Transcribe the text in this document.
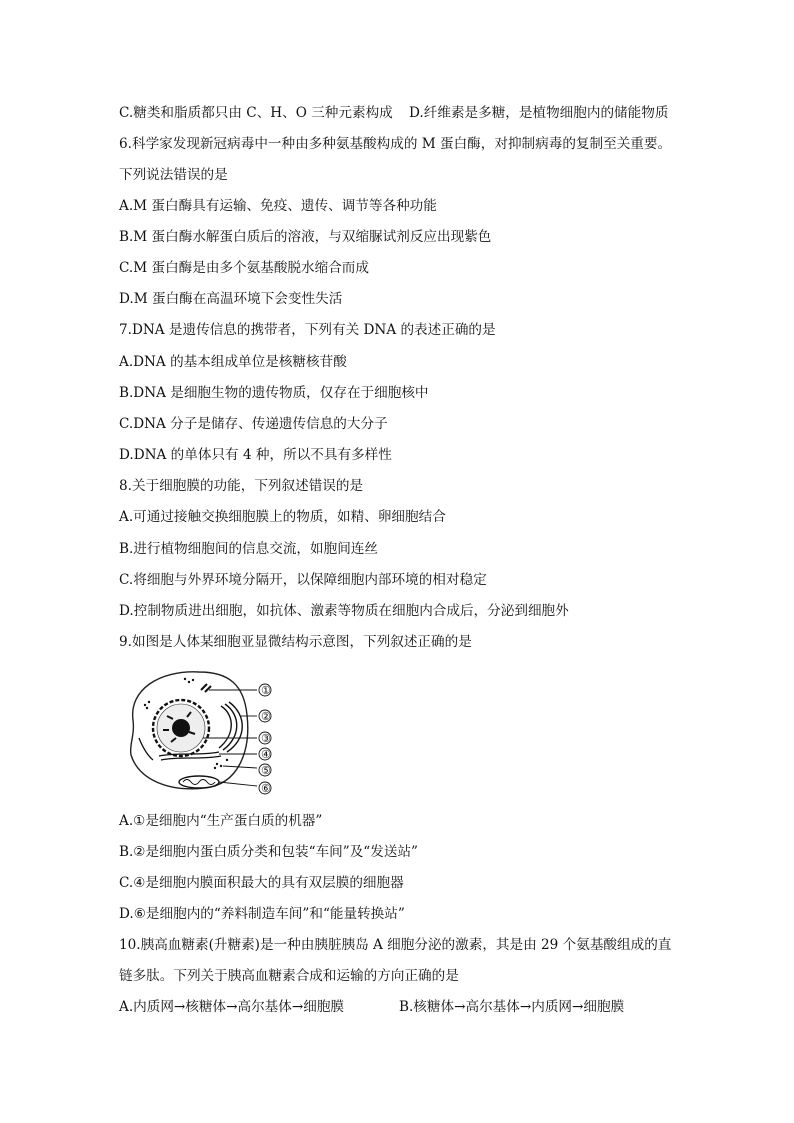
C.糖类和脂质都只由 C、H、O 三种元素构成 D.纤维素是多糖，是植物细胞内的储能物质
6.科学家发现新冠病毒中一种由多种氨基酸构成的 M 蛋白酶，对抑制病毒的复制至关重要。
下列说法错误的是
A.M 蛋白酶具有运输、免疫、遗传、调节等各种功能
B.M 蛋白酶水解蛋白质后的溶液，与双缩脲试剂反应出现紫色
C.M 蛋白酶是由多个氨基酸脱水缩合而成
D.M 蛋白酶在高温环境下会变性失活
7.DNA 是遗传信息的携带者，下列有关 DNA 的表述正确的是
A.DNA 的基本组成单位是核糖核苷酸
B.DNA 是细胞生物的遗传物质，仅存在于细胞核中
C.DNA 分子是储存、传递遗传信息的大分子
D.DNA 的单体只有 4 种，所以不具有多样性
8.关于细胞膜的功能，下列叙述错误的是
A.可通过接触交换细胞膜上的物质，如精、卵细胞结合
B.进行植物细胞间的信息交流，如胞间连丝
C.将细胞与外界环境分隔开，以保障细胞内部环境的相对稳定
D.控制物质进出细胞，如抗体、激素等物质在细胞内合成后，分泌到细胞外
9.如图是人体某细胞亚显微结构示意图，下列叙述正确的是
①
②
③
④
⑤
⑥
A.①是细胞内“生产蛋白质的机器”
B.②是细胞内蛋白质分类和包装“车间”及“发送站”
C.④是细胞内膜面积最大的具有双层膜的细胞器
D.⑥是细胞内的“养料制造车间”和“能量转换站”
10.胰高血糖素(升糖素)是一种由胰脏胰岛 A 细胞分泌的激素，其是由 29 个氨基酸组成的直
链多肽。下列关于胰高血糖素合成和运输的方向正确的是
A.内质网→核糖体→高尔基体→细胞膜	B.核糖体→高尔基体→内质网→细胞膜
